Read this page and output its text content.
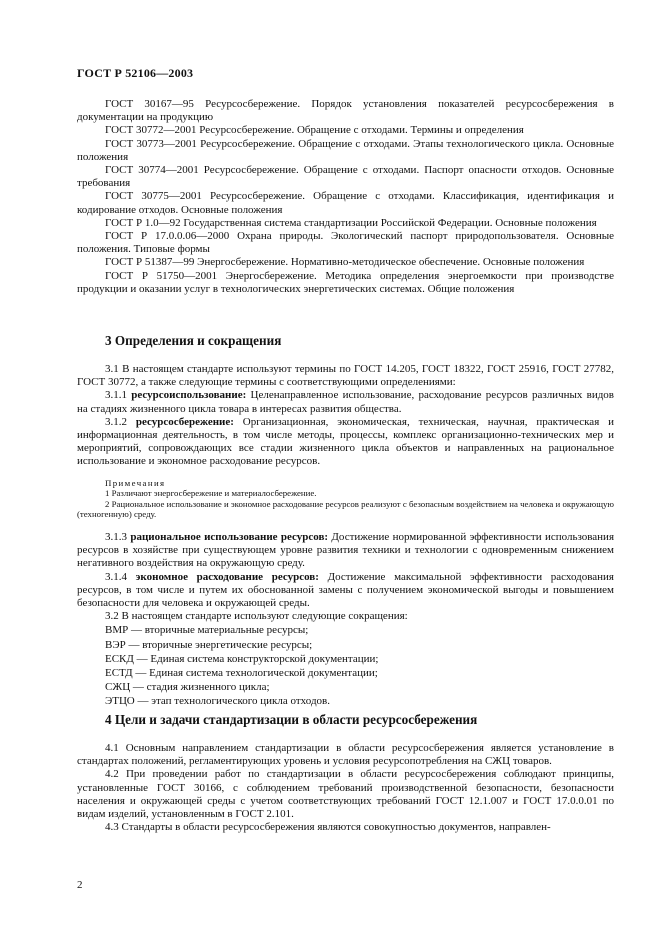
ГОСТ Р 52106—2003

ГОСТ 30167—95 Ресурсосбережение. Порядок установления показателей ресурсосбережения в документации на продукцию

ГОСТ 30772—2001 Ресурсосбережение. Обращение с отходами. Термины и определения

ГОСТ 30773—2001 Ресурсосбережение. Обращение с отходами. Этапы технологического цикла. Основные положения

ГОСТ 30774—2001 Ресурсосбережение. Обращение с отходами. Паспорт опасности отходов. Основные требования

ГОСТ 30775—2001 Ресурсосбережение. Обращение с отходами. Классификация, идентификация и кодирование отходов. Основные положения

ГОСТ Р 1.0—92 Государственная система стандартизации Российской Федерации. Основные положения

ГОСТ Р 17.0.0.06—2000 Охрана природы. Экологический паспорт природопользователя. Основные положения. Типовые формы

ГОСТ Р 51387—99 Энергосбережение. Нормативно-методическое обеспечение. Основные положения

ГОСТ Р 51750—2001 Энергосбережение. Методика определения энергоемкости при производстве продукции и оказании услуг в технологических энергетических системах. Общие положения

3 Определения и сокращения

3.1 В настоящем стандарте используют термины по ГОСТ 14.205, ГОСТ 18322, ГОСТ 25916, ГОСТ 27782, ГОСТ 30772, а также следующие термины с соответствующими определениями:

3.1.1 ресурсоиспользование: Целенаправленное использование, расходование ресурсов различных видов на стадиях жизненного цикла товара в интересах развития общества.

3.1.2 ресурсосбережение: Организационная, экономическая, техническая, научная, практическая и информационная деятельность, в том числе методы, процессы, комплекс организационно-технических мер и мероприятий, сопровождающих все стадии жизненного цикла объектов и направленных на рациональное использование и экономное расходование ресурсов.

Примечания

1 Различают энергосбережение и материалосбережение.

2 Рациональное использование и экономное расходование ресурсов реализуют с безопасным воздействием на человека и окружающую (техногенную) среду.

3.1.3 рациональное использование ресурсов: Достижение нормированной эффективности использования ресурсов в хозяйстве при существующем уровне развития техники и технологии с одновременным снижением негативного воздействия на окружающую среду.

3.1.4 экономное расходование ресурсов: Достижение максимальной эффективности расходования ресурсов, в том числе и путем их обоснованной замены с получением экономической выгоды и повышением безопасности для человека и окружающей среды.

3.2 В настоящем стандарте используют следующие сокращения:

ВМР — вторичные материальные ресурсы;

ВЭР — вторичные энергетические ресурсы;

ЕСКД — Единая система конструкторской документации;

ЕСТД — Единая система технологической документации;

СЖЦ — стадия жизненного цикла;

ЭТЦО — этап технологического цикла отходов.

4 Цели и задачи стандартизации в области ресурсосбережения

4.1 Основным направлением стандартизации в области ресурсосбережения является установление в стандартах положений, регламентирующих уровень и условия ресурсопотребления на СЖЦ товаров.

4.2 При проведении работ по стандартизации в области ресурсосбережения соблюдают принципы, установленные ГОСТ 30166, с соблюдением требований производственной безопасности, безопасности населения и окружающей среды с учетом соответствующих требований ГОСТ 12.1.007 и ГОСТ 17.0.0.01 по видам изделий, установленным в ГОСТ 2.101.

4.3 Стандарты в области ресурсосбережения являются совокупностью документов, направлен-

2
